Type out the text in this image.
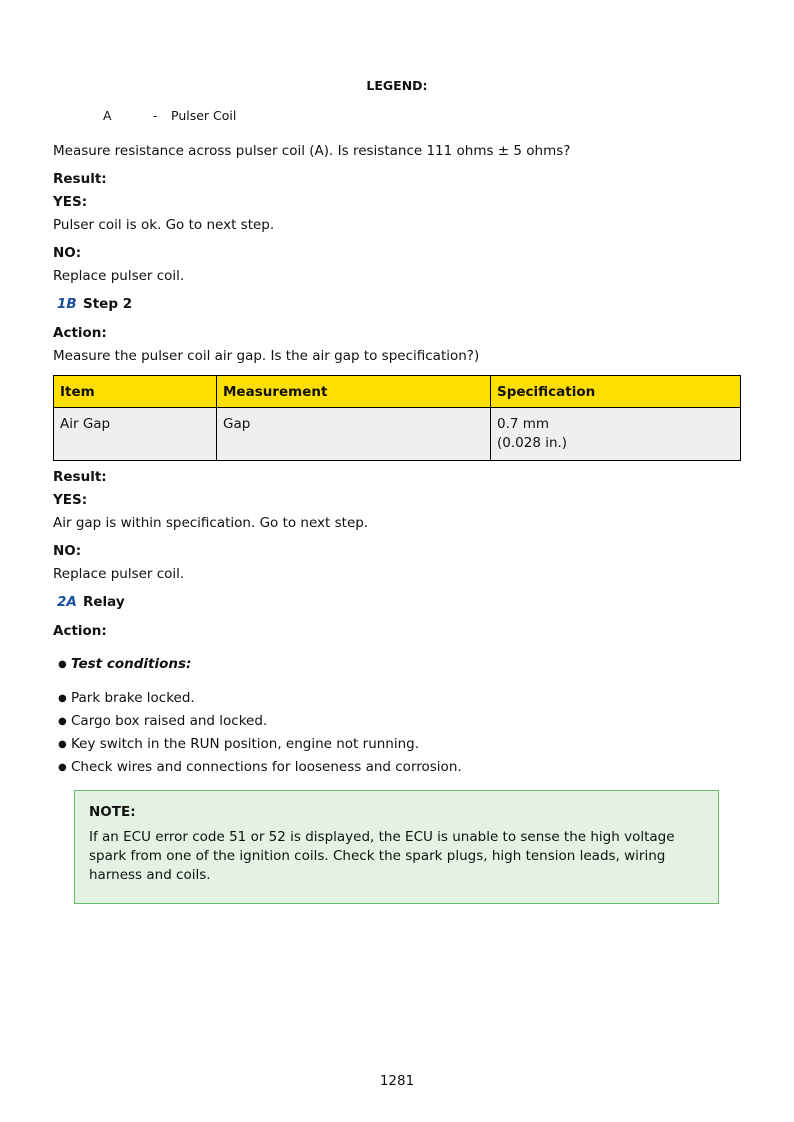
LEGEND:
A	- Pulser Coil
Measure resistance across pulser coil (A). Is resistance 111 ohms ± 5 ohms?
Result:
YES:
Pulser coil is ok. Go to next step.
NO:
Replace pulser coil.
1B Step 2
Action:
Measure the pulser coil air gap. Is the air gap to specification?)
Item	Measurement	Specification
Air Gap	Gap	0.7 mm
(0.028 in.)
Result:
YES:
Air gap is within specification. Go to next step.
NO:
Replace pulser coil.
2A Relay
Action:
● Test conditions:
● Park brake locked.
● Cargo box raised and locked.
● Key switch in the RUN position, engine not running.
● Check wires and connections for looseness and corrosion.
NOTE:
If an ECU error code 51 or 52 is displayed, the ECU is unable to sense the high voltage spark from one of the ignition coils. Check the spark plugs, high tension leads, wiring harness and coils.
1281
